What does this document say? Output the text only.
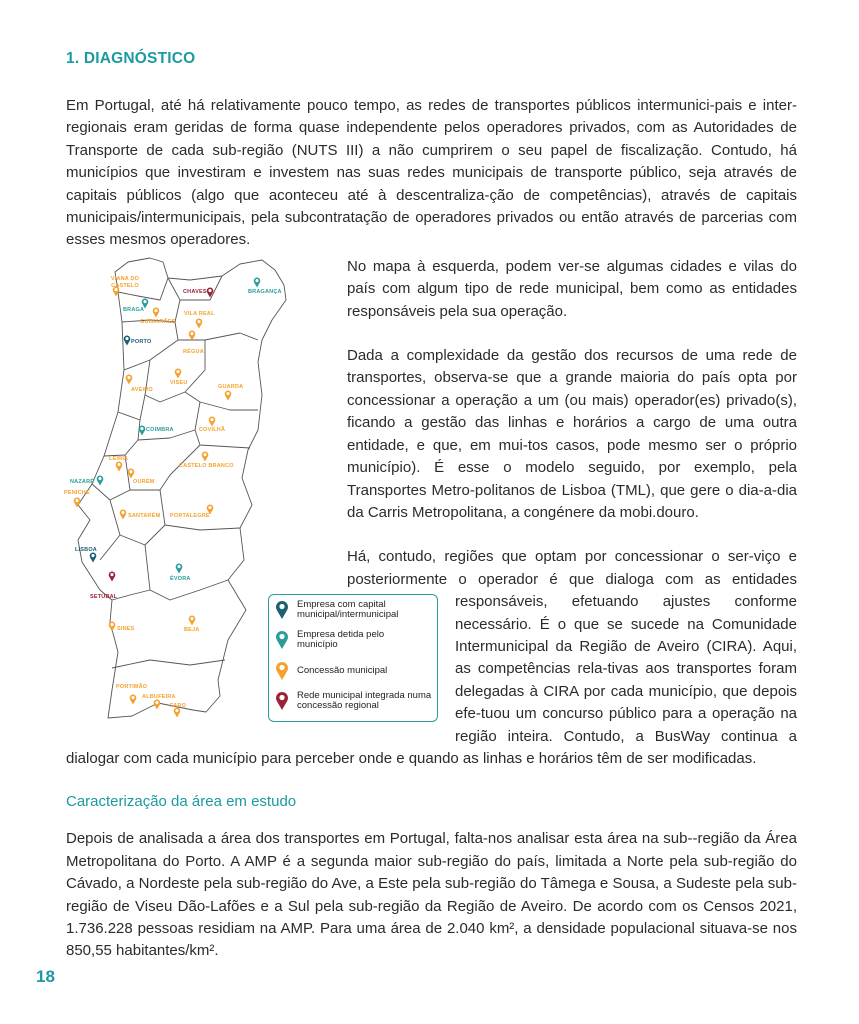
1. DIAGNÓSTICO

Em Portugal, até há relativamente pouco tempo, as redes de transportes públicos intermunici-pais e inter-regionais eram geridas de forma quase independente pelos operadores privados, com as Autoridades de Transporte de cada sub-região (NUTS III) a não cumprirem o seu papel de fiscalização. Contudo, há municípios que investiram e investem nas suas redes municipais de transporte público, seja através de capitais públicos (algo que aconteceu até à descentraliza-ção de competências), através de capitais municipais/intermunicipais, pela subcontratação de operadores privados ou então através de parcerias com esses mesmos operadores.

VIANA DO CASTELO
CHAVES	BRAGANÇA
BRAGA
GUIMARÃES
VILA REAL
PORTO
RÉGUA
AVEIRO
VISEU
GUARDA
COVILHÃ
COIMBRA
LEIRIA
CASTELO BRANCO
NAZARÉ	OURÉM
PENICHE
SANTARÉM PORTALEGRE
LISBOA
SETÚBAL
ÉVORA
SINES	BEJA
PORTIMÃO
ALBUFEIRA
FARO
Empresa com capital municipal/intermunicipal
Empresa detida pelo município
Concessão municipal
Rede municipal integrada numa concessão regional

No mapa à esquerda, podem ver-se algumas cidades e vilas do país com algum tipo de rede municipal, bem como as entidades responsáveis pela sua operação.

Dada a complexidade da gestão dos recursos de uma rede de transportes, observa-se que a grande maioria do país opta por concessionar a operação a um (ou mais) operador(es) privado(s), ficando a gestão das linhas e horários a cargo de uma outra entidade, e que, em mui-tos casos, pode mesmo ser o próprio município). É esse o modelo seguido, por exemplo, pela Transportes Metro-politanos de Lisboa (TML), que gere o dia-a-dia da Carris Metropolitana, a congénere da mobi.douro.

Há, contudo, regiões que optam por concessionar o ser-viço e posteriormente o operador é que dialoga com as entidades responsáveis, efetuando ajustes conforme necessário. É o que se sucede na Comunidade Intermunicipal da Região de Aveiro (CIRA). Aqui, as competências rela-tivas aos transportes foram delegadas à CIRA por cada município, que depois efe-tuou um concurso público para a operação na região inteira. Contudo, a BusWay continua a dialogar com cada município para perceber onde e quando as linhas e horários têm de ser modificadas.

Caracterização da área em estudo

Depois de analisada a área dos transportes em Portugal, falta-nos analisar esta área na sub--região da Área Metropolitana do Porto. A AMP é a segunda maior sub-região do país, limitada a Norte pela sub-região do Cávado, a Nordeste pela sub-região do Ave, a Este pela sub-região do Tâmega e Sousa, a Sudeste pela sub-região de Viseu Dão-Lafões e a Sul pela sub-região da Região de Aveiro. De acordo com os Censos 2021, 1.736.228 pessoas residiam na AMP. Para uma área de 2.040 km², a densidade populacional situava-se nos 850,55 habitantes/km².

18
